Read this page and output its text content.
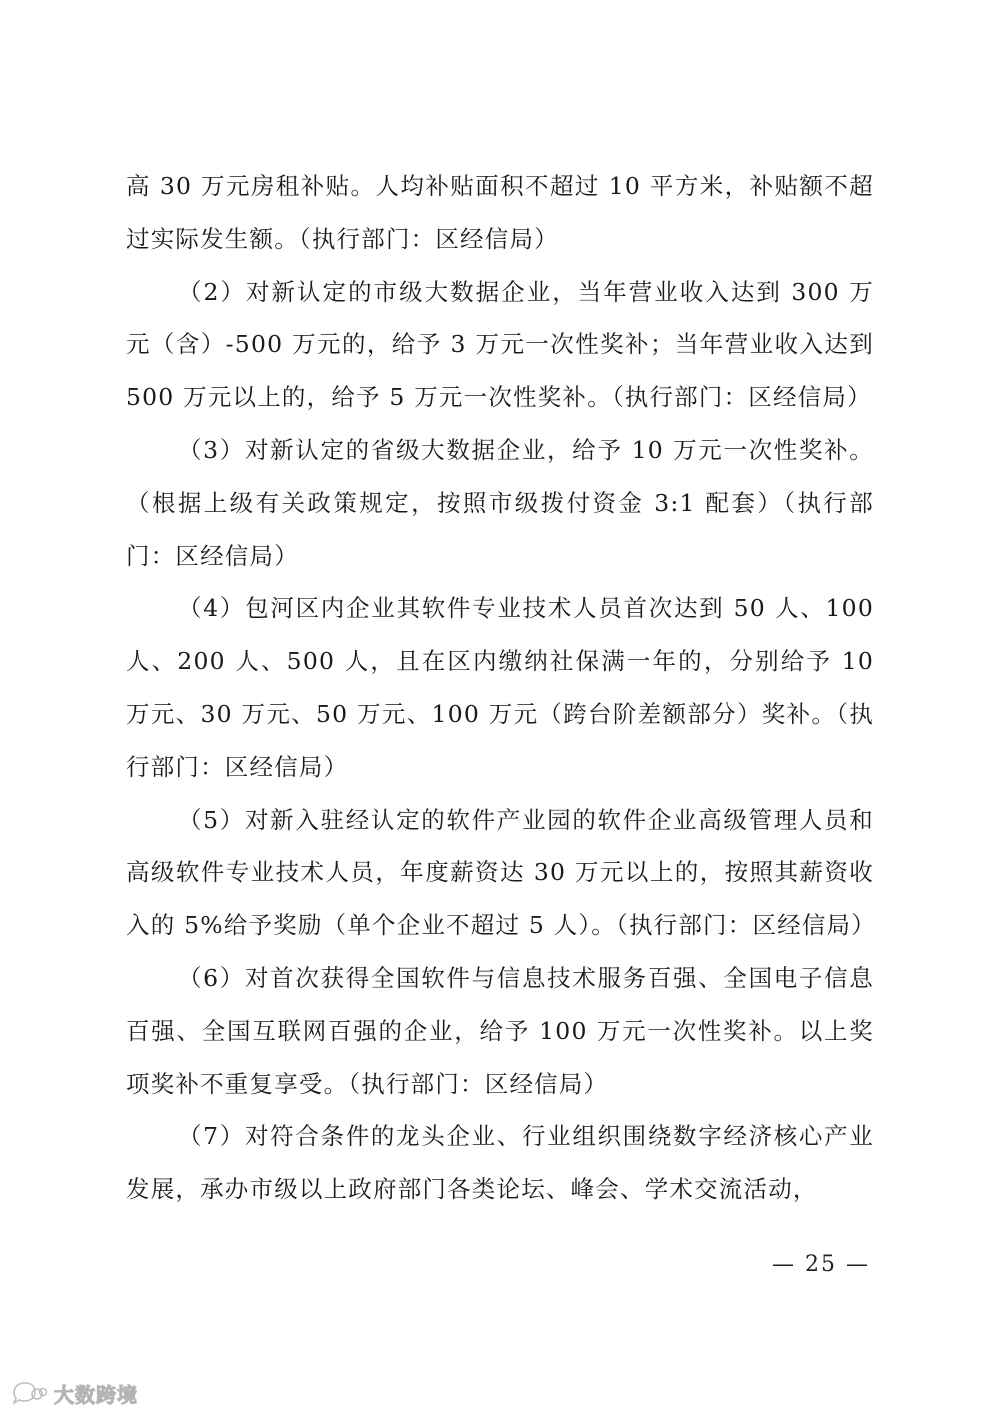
高 30 万元房租补贴。人均补贴面积不超过 10 平方米，补贴额不超过实际发生额。（执行部门：区经信局）

（2）对新认定的市级大数据企业，当年营业收入达到 300 万元（含）-500 万元的，给予 3 万元一次性奖补；当年营业收入达到 500 万元以上的，给予 5 万元一次性奖补。（执行部门：区经信局）

（3）对新认定的省级大数据企业，给予 10 万元一次性奖补。（根据上级有关政策规定，按照市级拨付资金 3:1 配套）（执行部门：区经信局）

（4）包河区内企业其软件专业技术人员首次达到 50 人、100 人、200 人、500 人，且在区内缴纳社保满一年的，分别给予 10 万元、30 万元、50 万元、100 万元（跨台阶差额部分）奖补。（执行部门：区经信局）

（5）对新入驻经认定的软件产业园的软件企业高级管理人员和高级软件专业技术人员，年度薪资达 30 万元以上的，按照其薪资收入的 5%给予奖励（单个企业不超过 5 人）。（执行部门：区经信局）

（6）对首次获得全国软件与信息技术服务百强、全国电子信息百强、全国互联网百强的企业，给予 100 万元一次性奖补。以上奖项奖补不重复享受。（执行部门：区经信局）

（7）对符合条件的龙头企业、行业组织围绕数字经济核心产业发展，承办市级以上政府部门各类论坛、峰会、学术交流活动，

— 25 —
大数跨境
